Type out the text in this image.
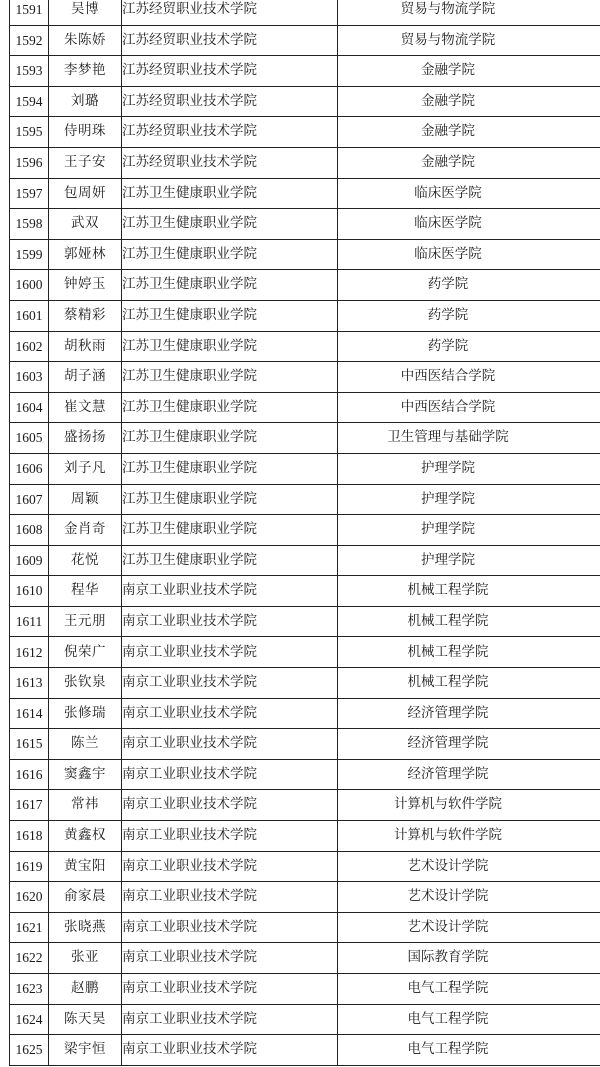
1591	吴博	江苏经贸职业技术学院	贸易与物流学院

1592	朱陈娇	江苏经贸职业技术学院	贸易与物流学院

1593	李梦艳	江苏经贸职业技术学院	金融学院

1594	刘璐	江苏经贸职业技术学院	金融学院

1595	侍明珠	江苏经贸职业技术学院	金融学院

1596	王子安	江苏经贸职业技术学院	金融学院

1597	包周妍	江苏卫生健康职业学院	临床医学院

1598	武双	江苏卫生健康职业学院	临床医学院

1599	郭娅林	江苏卫生健康职业学院	临床医学院

1600	钟婷玉	江苏卫生健康职业学院	药学院

1601	蔡精彩	江苏卫生健康职业学院	药学院

1602	胡秋雨	江苏卫生健康职业学院	药学院

1603	胡子涵	江苏卫生健康职业学院	中西医结合学院

1604	崔文慧	江苏卫生健康职业学院	中西医结合学院

1605	盛扬扬	江苏卫生健康职业学院	卫生管理与基础学院

1606	刘子凡	江苏卫生健康职业学院	护理学院

1607	周颖	江苏卫生健康职业学院	护理学院

1608	金肖奇	江苏卫生健康职业学院	护理学院

1609	花悦	江苏卫生健康职业学院	护理学院

1610	程华	南京工业职业技术学院	机械工程学院

1611	王元朋	南京工业职业技术学院	机械工程学院

1612	倪荣广	南京工业职业技术学院	机械工程学院

1613	张钦泉	南京工业职业技术学院	机械工程学院

1614	张修瑞	南京工业职业技术学院	经济管理学院

1615	陈兰	南京工业职业技术学院	经济管理学院

1616	窦鑫宇	南京工业职业技术学院	经济管理学院

1617	常祎	南京工业职业技术学院	计算机与软件学院

1618	黄鑫权	南京工业职业技术学院	计算机与软件学院

1619	黄宝阳	南京工业职业技术学院	艺术设计学院

1620	俞家晨	南京工业职业技术学院	艺术设计学院

1621	张晓燕	南京工业职业技术学院	艺术设计学院

1622	张亚	南京工业职业技术学院	国际教育学院

1623	赵鹏	南京工业职业技术学院	电气工程学院

1624	陈天昊	南京工业职业技术学院	电气工程学院

1625	梁宇恒	南京工业职业技术学院	电气工程学院
